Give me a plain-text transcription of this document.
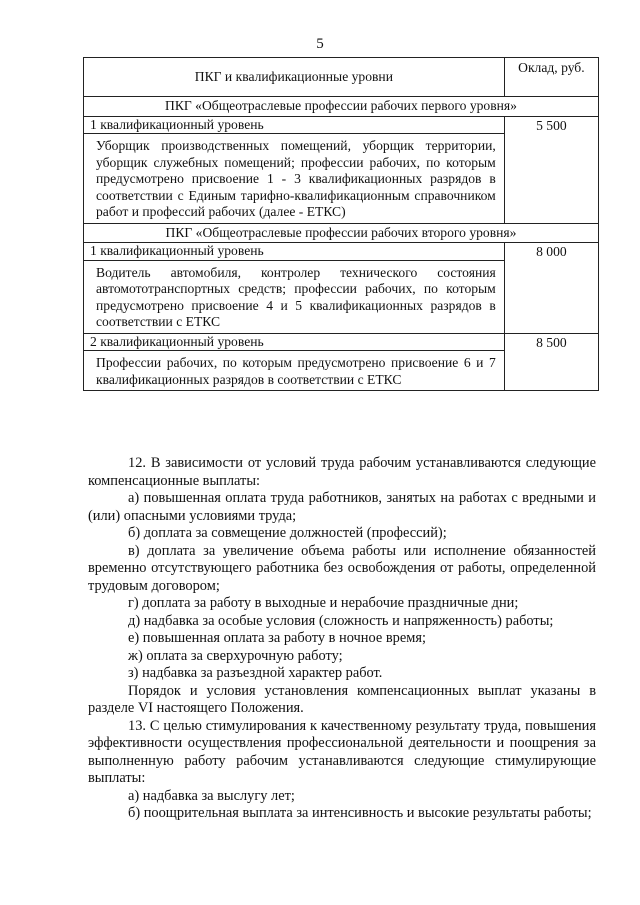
5
ПКГ и квалификационные уровни	Оклад, руб.
ПКГ «Общеотраслевые профессии рабочих первого уровня»	
1 квалификационный уровень	5 500
Уборщик производственных помещений, уборщик территории, уборщик служебных помещений; профессии рабочих, по которым предусмотрено присвоение 1 - 3 квалификационных разрядов в соответствии с Единым тарифно-квалификационным справочником работ и профессий рабочих (далее - ЕТКС)	
ПКГ «Общеотраслевые профессии рабочих второго уровня»	
1 квалификационный уровень	8 000
Водитель автомобиля, контролер технического состояния автомототранспортных средств; профессии рабочих, по которым предусмотрено присвоение 4 и 5 квалификационных разрядов в соответствии с ЕТКС	
2 квалификационный уровень	8 500
Профессии рабочих, по которым предусмотрено присвоение 6 и 7 квалификационных разрядов в соответствии с ЕТКС	

12. В зависимости от условий труда рабочим устанавливаются следующие компенсационные выплаты:

а) повышенная оплата труда работников, занятых на работах с вредными и (или) опасными условиями труда;

б) доплата за совмещение должностей (профессий);

в) доплата за увеличение объема работы или исполнение обязанностей временно отсутствующего работника без освобождения от работы, определенной трудовым договором;

г) доплата за работу в выходные и нерабочие праздничные дни;

д) надбавка за особые условия (сложность и напряженность) работы;

е) повышенная оплата за работу в ночное время;

ж) оплата за сверхурочную работу;

з) надбавка за разъездной характер работ.

Порядок и условия установления компенсационных выплат указаны в разделе VI настоящего Положения.

13. С целью стимулирования к качественному результату труда, повышения эффективности осуществления профессиональной деятельности и поощрения за выполненную работу рабочим устанавливаются следующие стимулирующие выплаты:

а) надбавка за выслугу лет;

б) поощрительная выплата за интенсивность и высокие результаты работы;
